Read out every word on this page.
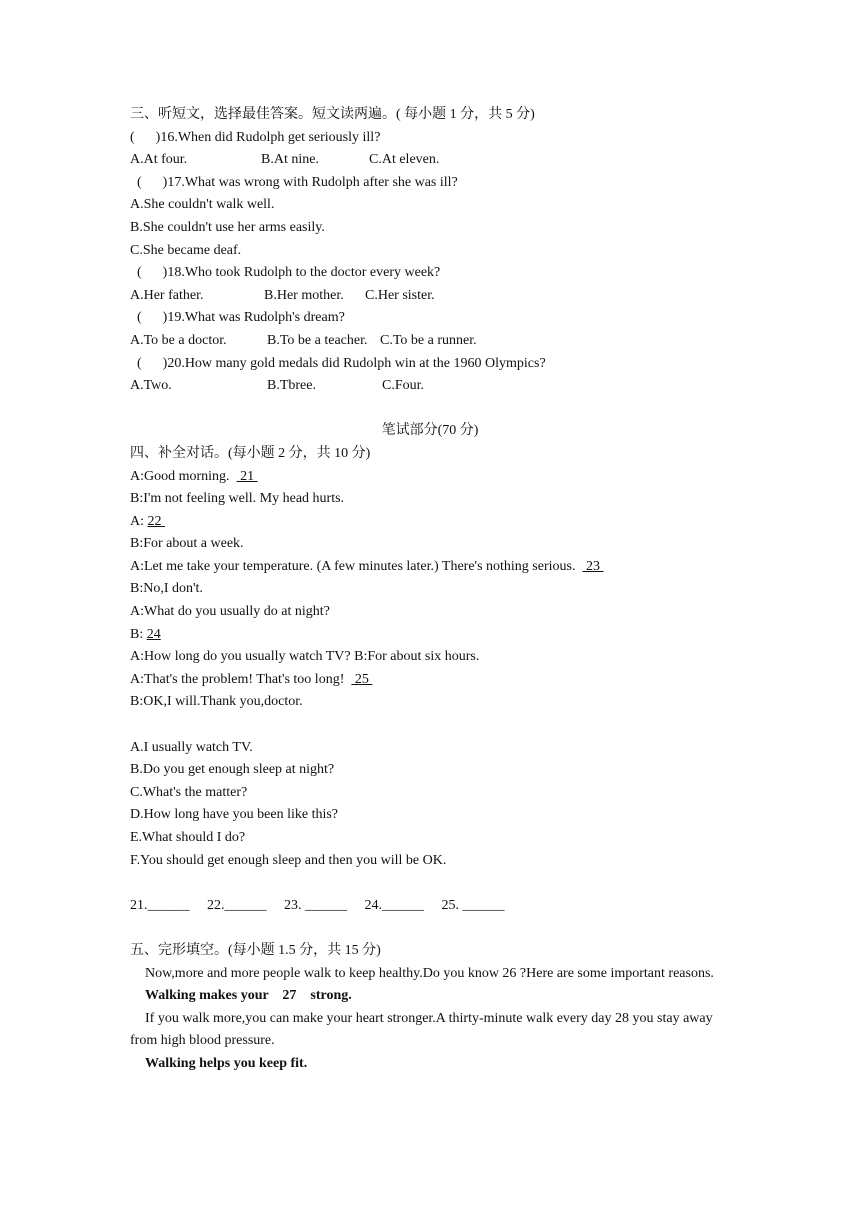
三、听短文，选择最佳答案。短文读两遍。( 每小题 1 分，共 5 分)
(      )16.When did Rudolph get seriously ill?
A.At four.	B.At nine.	C.At eleven.
(      )17.What was wrong with Rudolph after she was ill?
A.She couldn't walk well.
B.She couldn't use her arms easily.
C.She became deaf.
(      )18.Who took Rudolph to the doctor every week?
A.Her father.	B.Her mother. C.Her sister.
(      )19.What was Rudolph's dream?
A.To be a doctor.	B.To be a teacher. C.To be a runner.
(      )20.How many gold medals did Rudolph win at the 1960 Olympics?
A.Two.	B.Tbree.	C.Four.
笔试部分(70 分)
四、补全对话。(每小题 2 分，共 10 分)
A:Good morning.   21
B:I'm not feeling well. My head hurts.
A: 22
B:For about a week.
A:Let me take your temperature. (A few minutes later.) There's nothing serious.   23
B:No,I don't.
A:What do you usually do at night?
B: 24
A:How long do you usually watch TV? B:For about six hours.
A:That's the problem! That's too long!   25
B:OK,I will.Thank you,doctor.
A.I usually watch TV.
B.Do you get enough sleep at night?
C.What's the matter?
D.How long have you been like this?
E.What should I do?
F.You should get enough sleep and then you will be OK.
21.______     22.______     23. ______     24.______     25. ______
五、完形填空。(每小题 1.5 分，共 15 分)
Now,more and more people walk to keep healthy.Do you know 26 ?Here are some important reasons.
Walking makes your    27    strong.
If you walk more,you can make your heart stronger.A thirty-minute walk every day 28 you stay away from high blood pressure.
Walking helps you keep fit.
